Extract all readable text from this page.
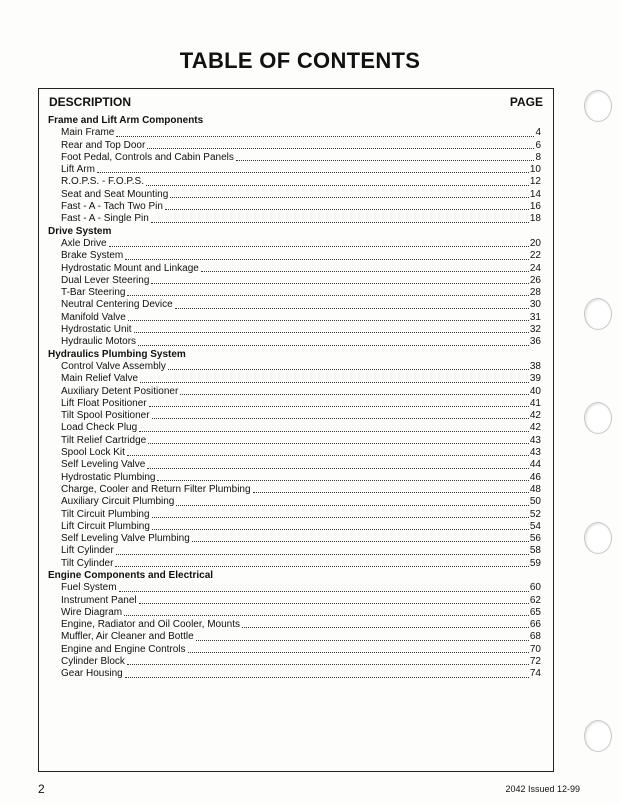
TABLE OF CONTENTS
DESCRIPTION	PAGE
Frame and Lift Arm Components
Main Frame	4
Rear and Top Door	6
Foot Pedal, Controls and Cabin Panels	8
Lift Arm	10
R.O.P.S. - F.O.P.S.	12
Seat and Seat Mounting	14
Fast - A - Tach Two Pin	16
Fast - A - Single Pin	18
Drive System
Axle Drive	20
Brake System	22
Hydrostatic Mount and Linkage	24
Dual Lever Steering	26
T-Bar Steering	28
Neutral Centering Device	30
Manifold Valve	31
Hydrostatic Unit	32
Hydraulic Motors	36
Hydraulics Plumbing System
Control Valve Assembly	38
Main Relief Valve	39
Auxiliary Detent Positioner	40
Lift Float Positioner	41
Tilt Spool Positioner	42
Load Check Plug	42
Tilt Relief Cartridge	43
Spool Lock Kit	43
Self Leveling Valve	44
Hydrostatic Plumbing	46
Charge, Cooler and Return Filter Plumbing	48
Auxiliary Circuit Plumbing	50
Tilt Circuit Plumbing	52
Lift Circuit Plumbing	54
Self Leveling Valve Plumbing	56
Lift Cylinder	58
Tilt Cylinder	59
Engine Components and Electrical
Fuel System	60
Instrument Panel	62
Wire Diagram	65
Engine, Radiator and Oil Cooler, Mounts	66
Muffler, Air Cleaner and Bottle	68
Engine and Engine Controls	70
Cylinder Block	72
Gear Housing	74
2	2042 Issued 12-99
